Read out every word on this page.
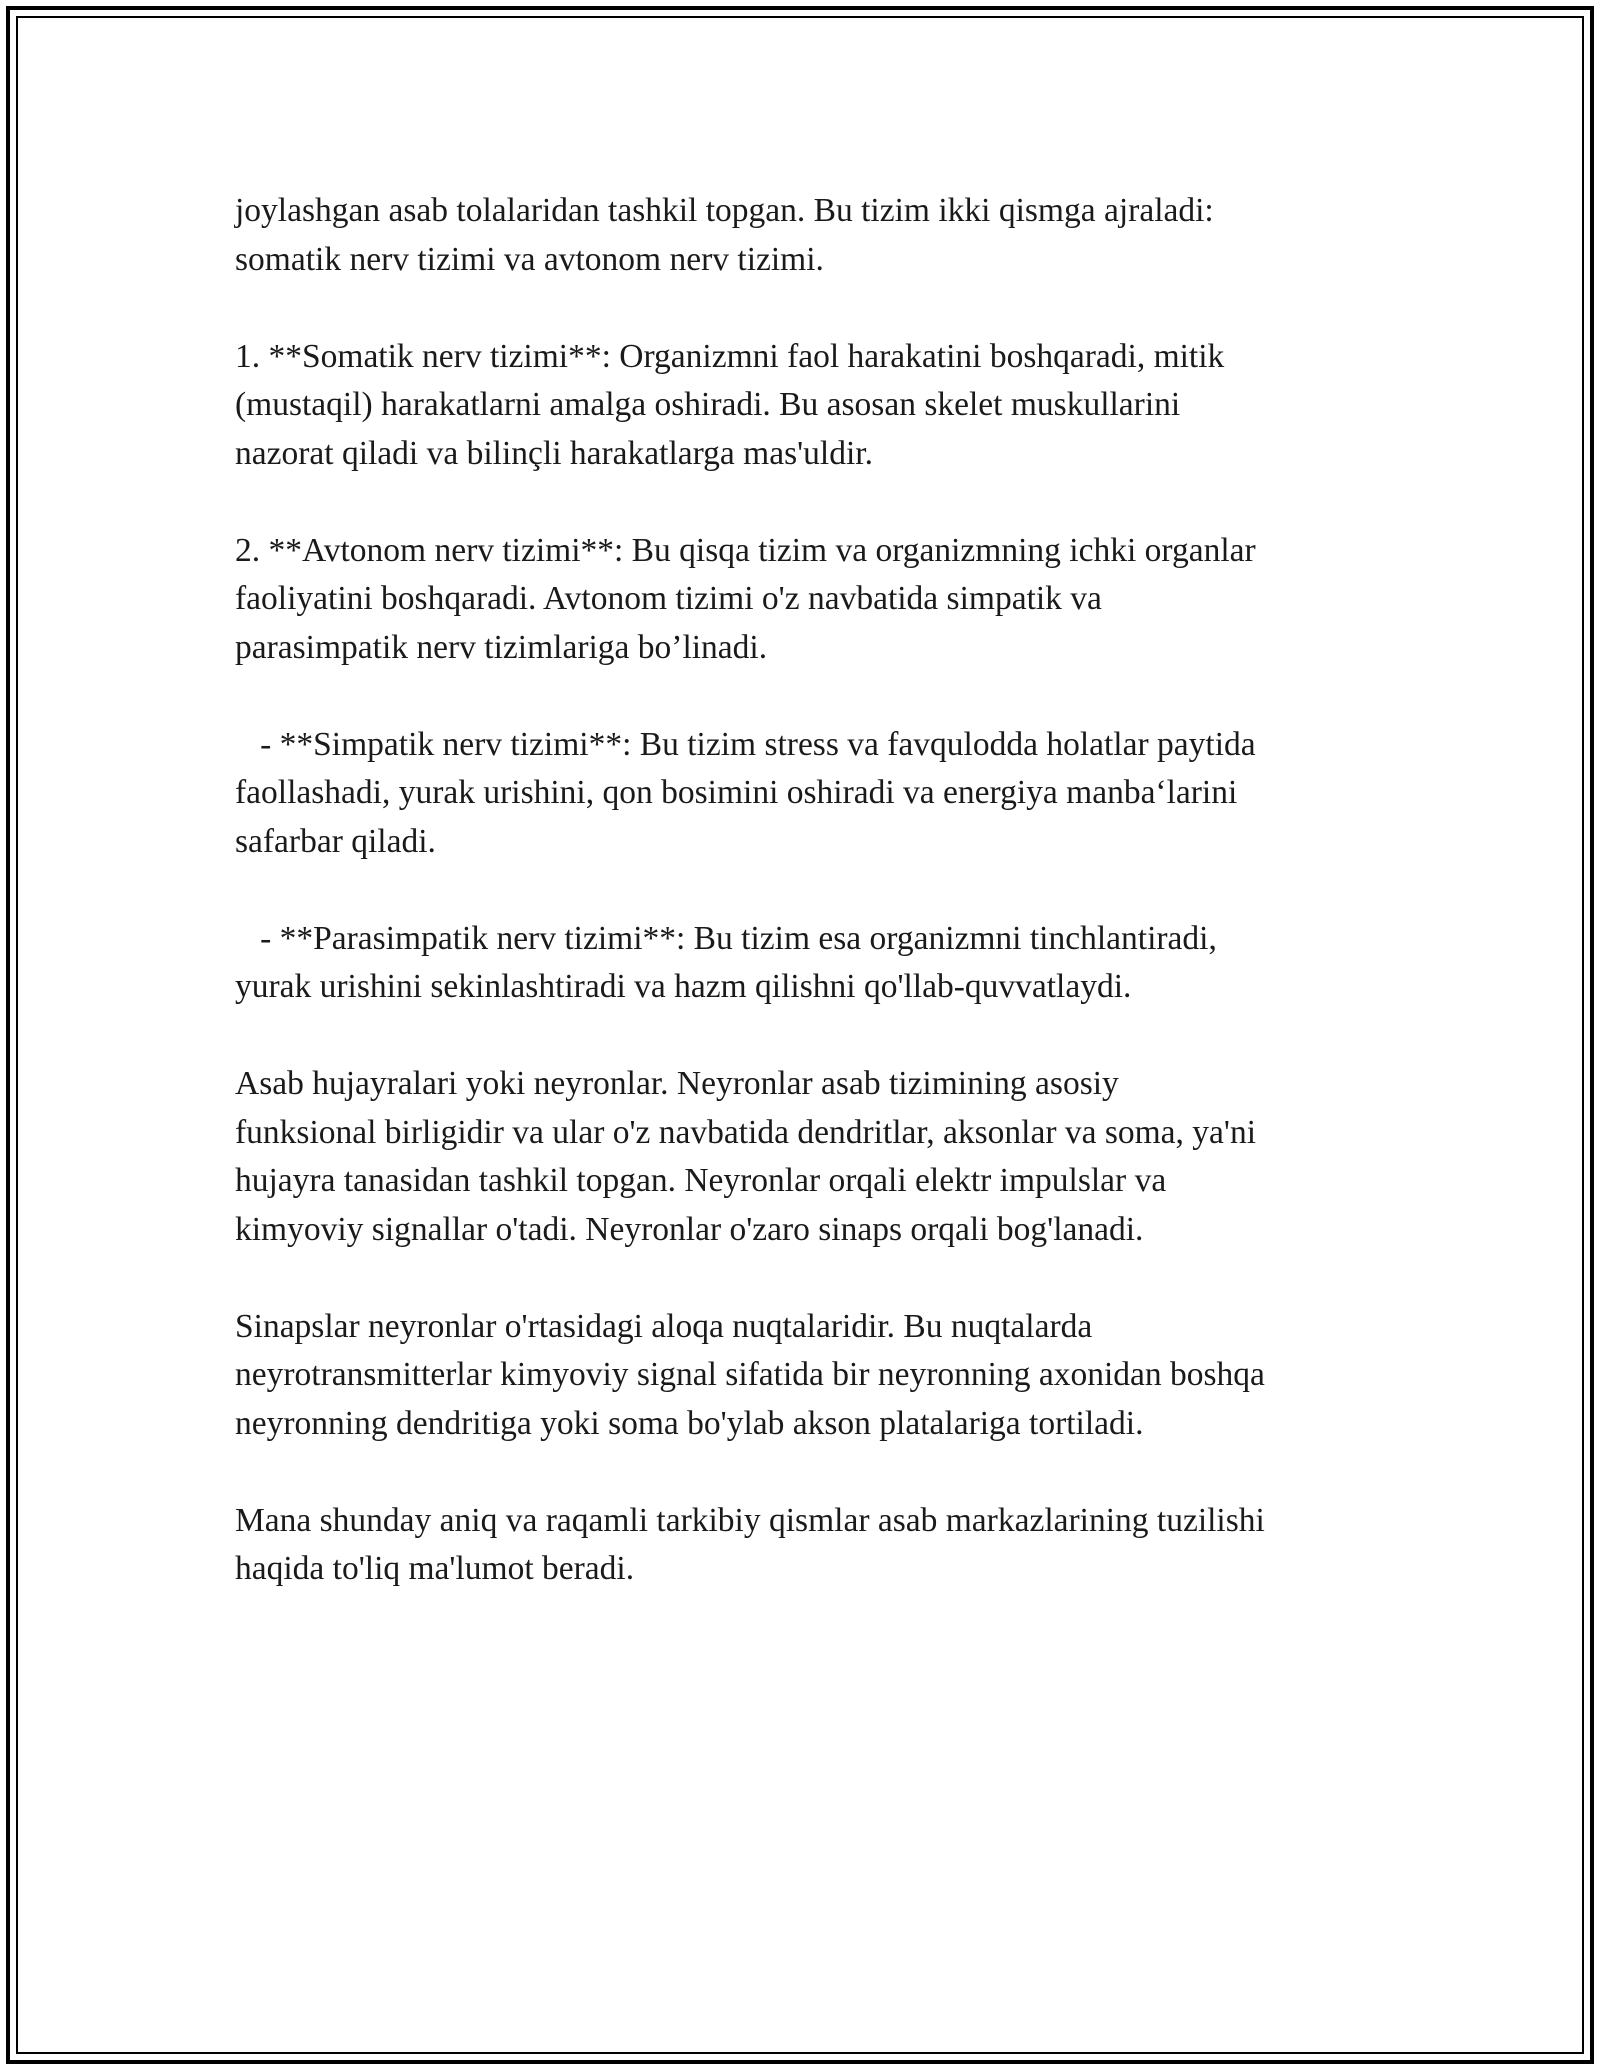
joylashgan asab tolalaridan tashkil topgan. Bu tizim ikki qismga ajraladi:
somatik nerv tizimi va avtonom nerv tizimi.

1. **Somatik nerv tizimi**: Organizmni faol harakatini boshqaradi, mitik
(mustaqil) harakatlarni amalga oshiradi. Bu asosan skelet muskullarini
nazorat qiladi va bilinçli harakatlarga mas'uldir.

2. **Avtonom nerv tizimi**: Bu qisqa tizim va organizmning ichki organlar
faoliyatini boshqaradi. Avtonom tizimi o'z navbatida simpatik va
parasimpatik nerv tizimlariga bo’linadi.

- **Simpatik nerv tizimi**: Bu tizim stress va favqulodda holatlar paytida
faollashadi, yurak urishini, qon bosimini oshiradi va energiya manba‘larini
safarbar qiladi.

- **Parasimpatik nerv tizimi**: Bu tizim esa organizmni tinchlantiradi,
yurak urishini sekinlashtiradi va hazm qilishni qo'llab-quvvatlaydi.

Asab hujayralari yoki neyronlar. Neyronlar asab tizimining asosiy
funksional birligidir va ular o'z navbatida dendritlar, aksonlar va soma, ya'ni
hujayra tanasidan tashkil topgan. Neyronlar orqali elektr impulslar va
kimyoviy signallar o'tadi. Neyronlar o'zaro sinaps orqali bog'lanadi.

Sinapslar neyronlar o'rtasidagi aloqa nuqtalaridir. Bu nuqtalarda
neyrotransmitterlar kimyoviy signal sifatida bir neyronning axonidan boshqa
neyronning dendritiga yoki soma bo'ylab akson platalariga tortiladi.

Mana shunday aniq va raqamli tarkibiy qismlar asab markazlarining tuzilishi
haqida to'liq ma'lumot beradi.
